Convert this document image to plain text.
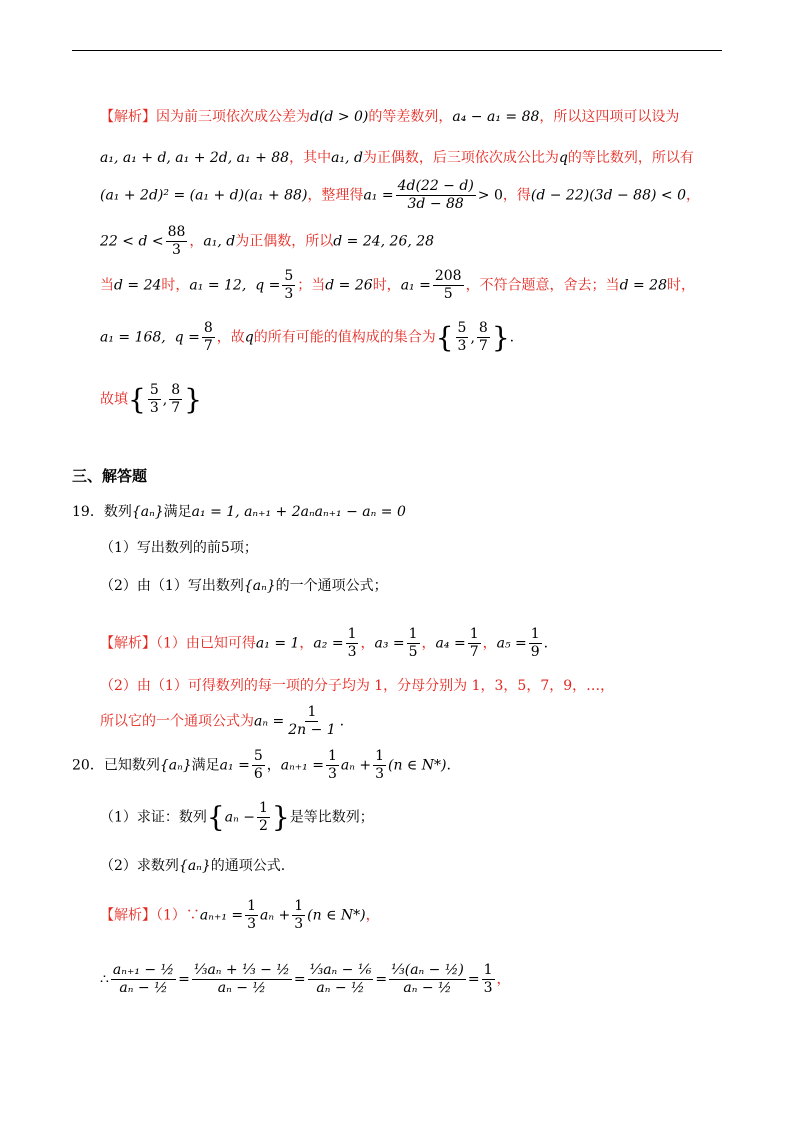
【解析】因为前三项依次成公差为d(d > 0)的等差数列，a₄ − a₁ = 88，所以这四项可以设为
a₁, a₁ + d, a₁ + 2d, a₁ + 88，其中a₁, d为正偶数，后三项依次成公比为q的等比数列，所以有
(a₁ + 2d)² = (a₁ + d)(a₁ + 88)，整理得$a_1 = \frac{4d(22 - d)}{3d - 88} > 0$，得(d − 22)(3d − 88) < 0，
$22 < d < \frac{88}{3}$ ，a₁, d为正偶数，所以d = 24, 26, 28
当d = 24时，a₁ = 12, $q = \frac{5}{3}$ ；当d = 26时，$a_1 = \frac{208}{5}$ ，不符合题意，舍去；当d = 28时，
a₁ = 168, $q = \frac{8}{7}$ ，故q的所有可能的值构成的集合为{ $\frac{5}{3}$ , $\frac{8}{7}$ }.
故填{ $\frac{5}{3}$ , $\frac{8}{7}$ }
三、解答题
19．数列{aₙ}满足a₁ = 1, aₙ₊₁ + 2aₙaₙ₊₁ − aₙ = 0
（1）写出数列的前5项；
（2）由（1）写出数列{aₙ}的一个通项公式；
【解析】（1）由已知可得a₁ = 1，$a_2 = \frac{1}{3}$ ，$a_3 = \frac{1}{5}$ ，$a_4 = \frac{1}{7}$ ，$a_5 = \frac{1}{9}$ .
（2）由（1）可得数列的每一项的分子均为 1，分母分别为 1，3，5，7，9，…，
所以它的一个通项公式为$a_n = \frac{1}{2n - 1}$ .
20．已知数列{aₙ}满足$a_1 = \frac{5}{6}$ ，$a_{n+1} = \frac{1}{3}$ $a_n + \frac{1}{3} (n$ ∈ N*).
（1）求证：数列{$a_n - \frac{1}{2}$ }是等比数列；
（2）求数列{aₙ}的通项公式.
【解析】（1）∵aₙ₊₁ = $\frac{1}{3}$ $a_n + \frac{1}{3} (n$ ∈ N*)，
∴ $\frac{\text{aₙ₊₁ − ½}}{\text{aₙ − ½}} = \frac{\text{⅓aₙ + ⅓ − ½}}{\text{aₙ − ½}} = \frac{\text{⅓aₙ − ⅙}}{\text{aₙ − ½}} = \frac{\text{⅓(aₙ − ½)}}{\text{aₙ − ½}} = \frac{1}{3}$ ，
